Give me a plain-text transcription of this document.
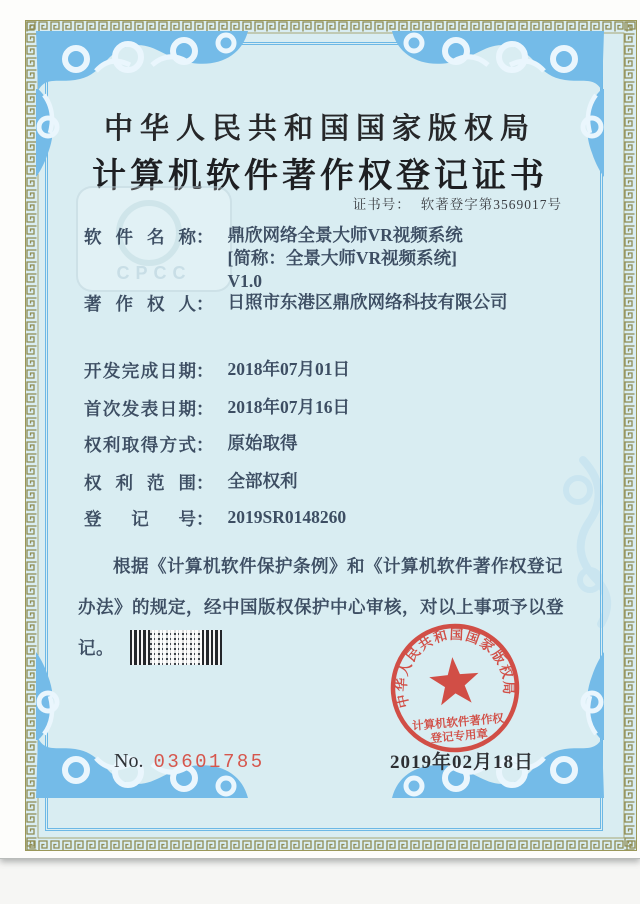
中华人民共和国国家版权局
计算机软件著作权登记证书
证书号： 软著登字第3569017号
CPCC
软件名称 ： 鼎欣网络全景大师VR视频系统
[简称：全景大师VR视频系统]
V1.0
著作权人 ： 日照市东港区鼎欣网络科技有限公司
开发完成日期 ： 2018年07月01日
首次发表日期 ： 2018年07月16日
权利取得方式 ： 原始取得
权利范围 ： 全部权利
登记号 ： 2019SR0148260
根据《计算机软件保护条例》和《计算机软件著作权登记办法》的规定，经中国版权保护中心审核，对以上事项予以登记。
No. 03601785	2019年02月18日
中华人民共和国国家版权局
计算机软件著作权
登记专用章
